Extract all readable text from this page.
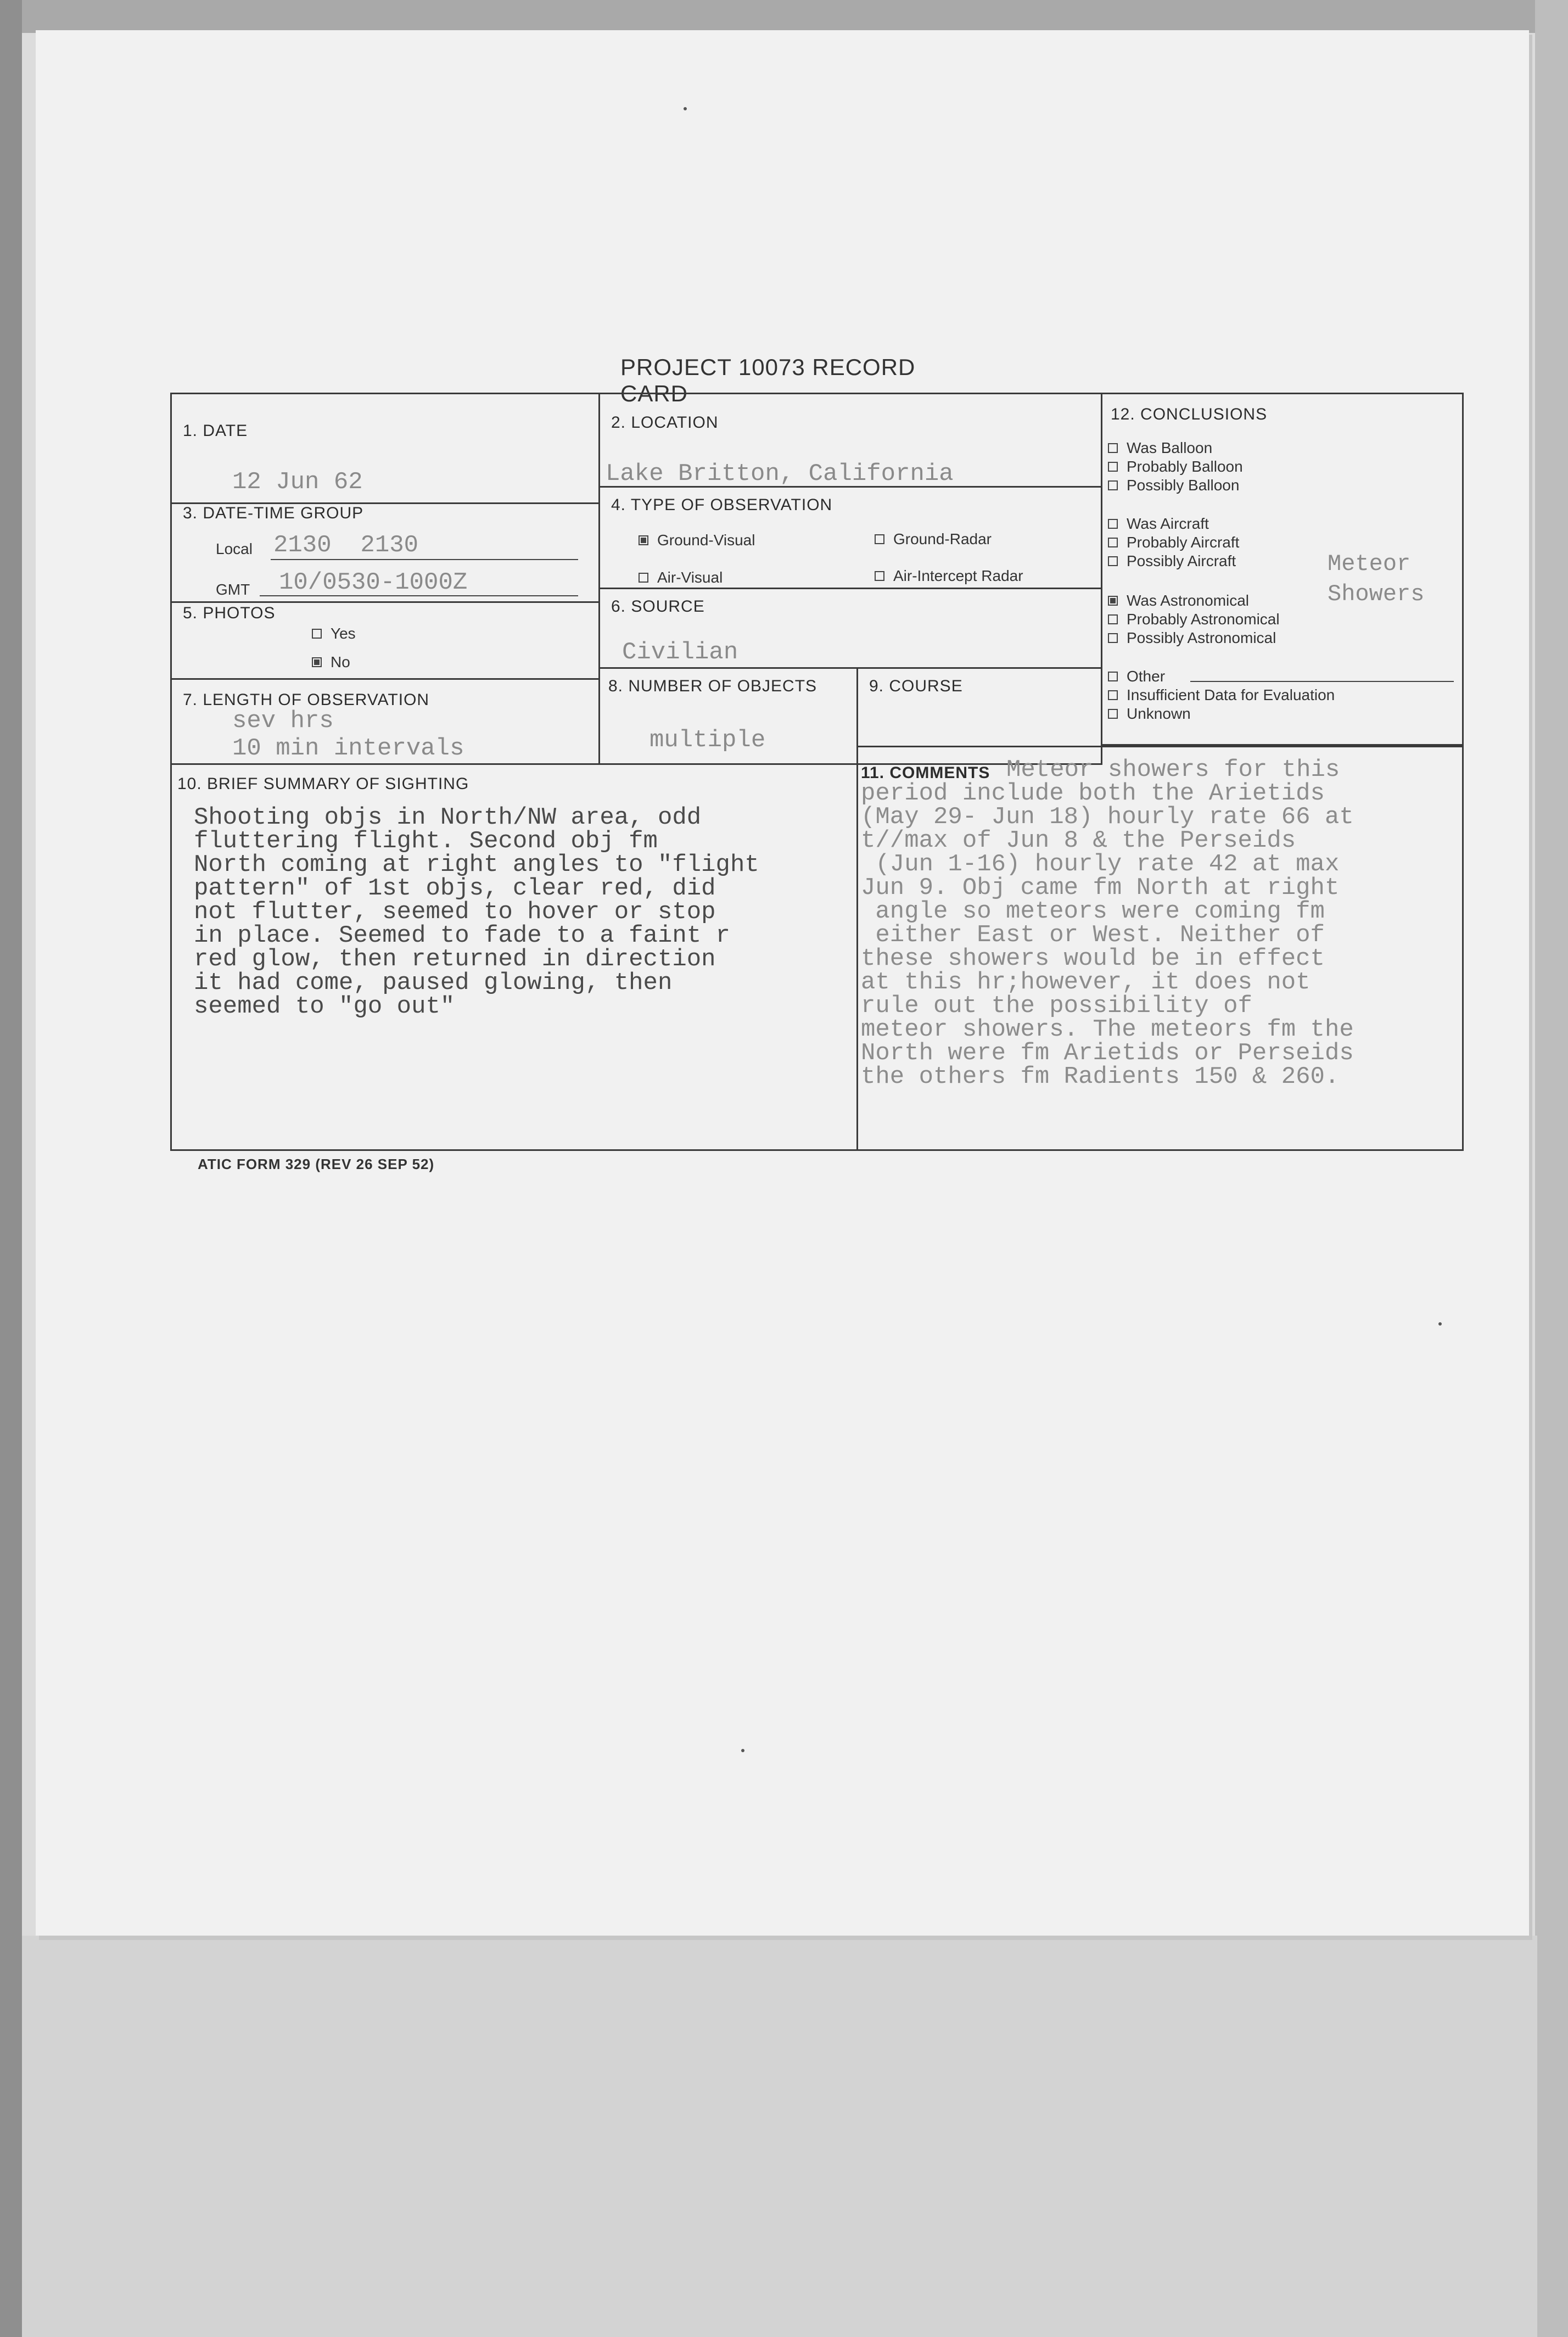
PROJECT 10073 RECORD CARD
1. DATE
12 Jun 62
2. LOCATION
Lake Britton, California
3. DATE-TIME GROUP
Local 2130  2130
GMT 10/0530-1000Z
4. TYPE OF OBSERVATION
Ground-Visual	Ground-Radar
Air-Visual	Air-Intercept Radar
5. PHOTOS
Yes
No
6. SOURCE
Civilian
7. LENGTH OF OBSERVATION
sev hrs
10 min intervals
8. NUMBER OF OBJECTS
multiple
9. COURSE
12. CONCLUSIONS
Was Balloon
Probably Balloon
Possibly Balloon
Was Aircraft
Probably Aircraft
Possibly Aircraft	Meteor
Was Astronomical	Showers
Probably Astronomical
Possibly Astronomical
Other
Insufficient Data for Evaluation
Unknown
10. BRIEF SUMMARY OF SIGHTING
Shooting objs in North/NW area, odd
fluttering flight. Second obj fm
North coming at right angles to "flight
pattern" of 1st objs, clear red, did
not flutter, seemed to hover or stop
in place. Seemed to fade to a faint r
red glow, then returned in direction
it had come, paused glowing, then
seemed to "go out"
11. COMMENTS Meteor showers for this
period include both the Arietids
(May 29- Jun 18) hourly rate 66 at
t//max of Jun 8 & the Perseids
(Jun 1-16) hourly rate 42 at max
Jun 9. Obj came fm North at right
angle so meteors were coming fm
either East or West. Neither of
these showers would be in effect
at this hr;however, it does not
rule out the possibility of
meteor showers. The meteors fm the
North were fm Arietids or Perseids
the others fm Radients 150 & 260.
ATIC FORM 329 (REV 26 SEP 52)
